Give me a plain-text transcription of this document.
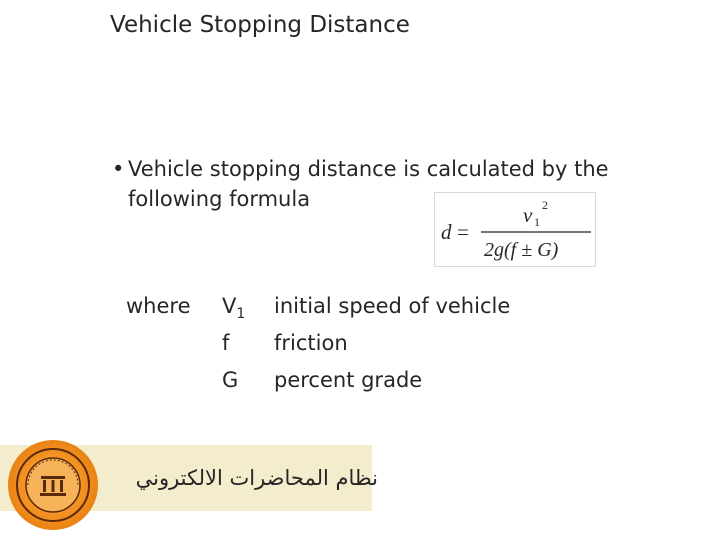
Vehicle Stopping Distance
• Vehicle stopping distance is calculated by the
following formula
d =
v 1
2
2g(f ± G)
where $V_1$ initial speed of vehicle
f friction
G percent grade
نظام المحاضرات الالكتروني
